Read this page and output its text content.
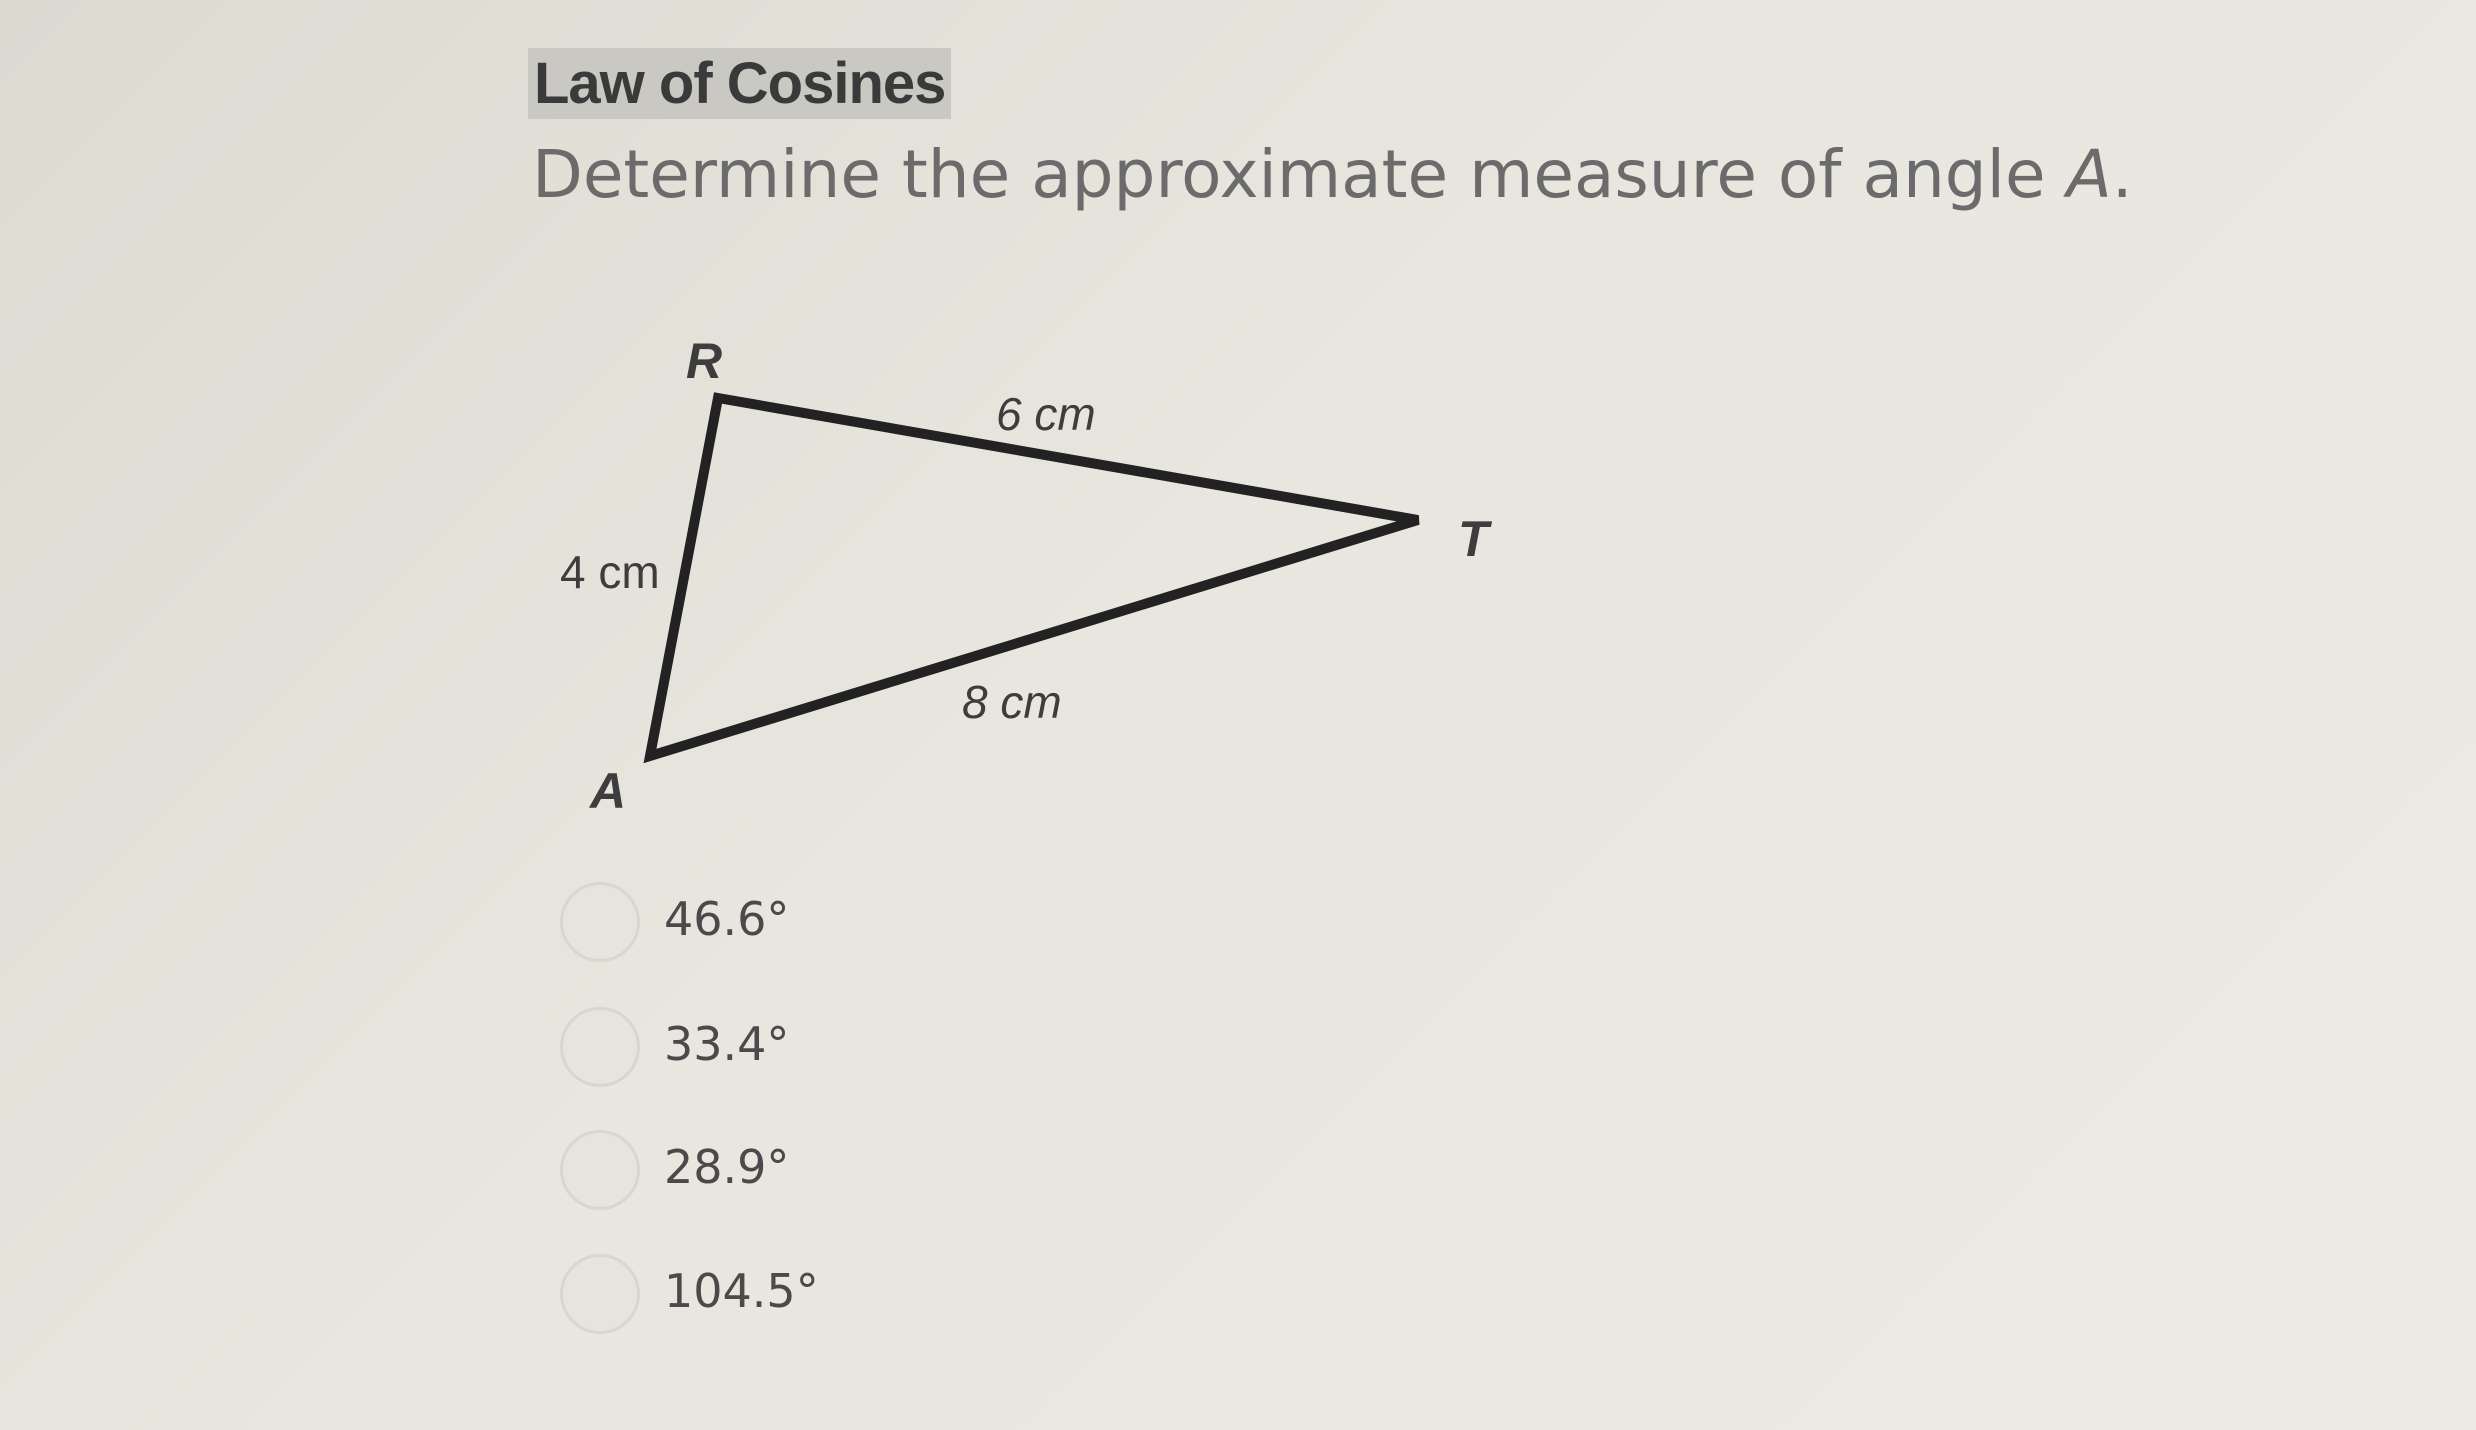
Law of Cosines
Determine the approximate measure of angle A.
R
T
A
6 cm
4 cm
8 cm
46.6°
33.4°
28.9°
104.5°
